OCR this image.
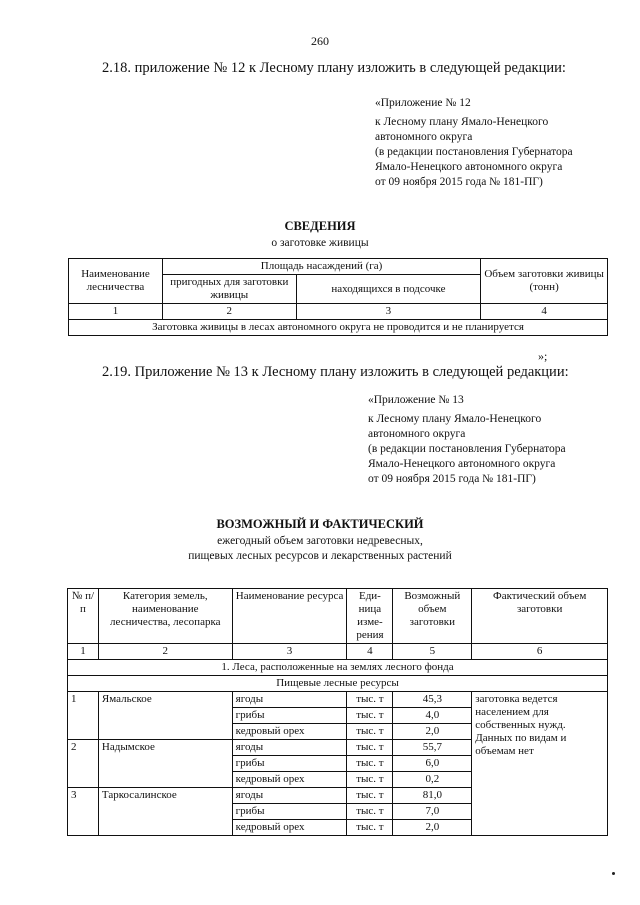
260
2.18. приложение № 12 к Лесному плану изложить в следующей редакции:
«Приложение № 12
к Лесному плану Ямало-Ненецкого
автономного округа
(в редакции постановления Губернатора
Ямало-Ненецкого автономного округа
от 09 ноября 2015 года № 181-ПГ)
СВЕДЕНИЯ
о заготовке живицы
Наименование лесничества	Площадь насаждений (га)		Объем заготовки живицы (тонн)
	пригодных для заготовки живицы	находящихся в подсочке	
1	2	3	4
Заготовка живицы в лесах автономного округа не проводится и не планируется			
»;
2.19. Приложение № 13 к Лесному плану изложить в следующей редакции:
«Приложение № 13
к Лесному плану Ямало-Ненецкого
автономного округа
(в редакции постановления Губернатора
Ямало-Ненецкого автономного округа
от 09 ноября 2015 года № 181-ПГ)
ВОЗМОЖНЫЙ И ФАКТИЧЕСКИЙ
ежегодный объем заготовки недревесных,
пищевых лесных ресурсов и лекарственных растений
№ п/п	Категория земель, наименование лесничества, лесопарка	Наименование ресурса	Еди-ница изме-рения	Возможный объем заготовки	Фактический объем заготовки
1	2	3	4	5	6
1. Леса, расположенные на землях лесного фонда					
Пищевые лесные ресурсы					
1	Ямальское	ягоды	тыс. т	45,3	заготовка ведется населением для собственных нужд. Данных по видам и объемам нет
		грибы	тыс. т	4,0	
		кедровый орех	тыс. т	2,0	
2	Надымское	ягоды	тыс. т	55,7	
		грибы	тыс. т	6,0	
		кедровый орех	тыс. т	0,2	
3	Таркосалинское	ягоды	тыс. т	81,0	
		грибы	тыс. т	7,0	
		кедровый орех	тыс. т	2,0	
